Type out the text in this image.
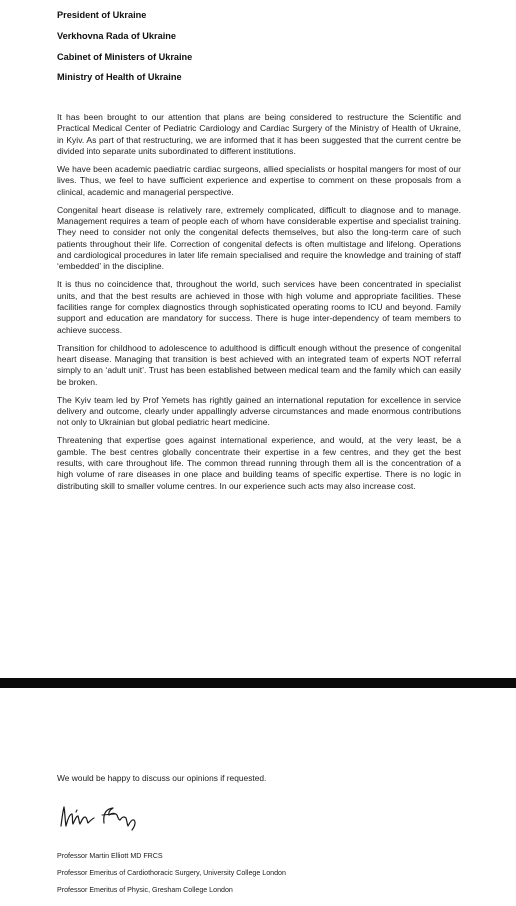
President of Ukraine
Verkhovna Rada of Ukraine
Cabinet of Ministers of Ukraine
Ministry of Health of Ukraine

It has been brought to our attention that plans are being considered to restructure the Scientific and Practical Medical Center of Pediatric Cardiology and Cardiac Surgery of the Ministry of Health of Ukraine, in Kyiv. As part of that restructuring, we are informed that it has been suggested that the current centre be divided into separate units subordinated to different institutions.

We have been academic paediatric cardiac surgeons, allied specialists or hospital mangers for most of our lives. Thus, we feel to have sufficient experience and expertise to comment on these proposals from a clinical, academic and managerial perspective.

Congenital heart disease is relatively rare, extremely complicated, difficult to diagnose and to manage. Management requires a team of people each of whom have considerable expertise and specialist training. They need to consider not only the congenital defects themselves, but also the long-term care of such patients throughout their life. Correction of congenital defects is often multistage and lifelong. Operations and cardiological procedures in later life remain specialised and require the knowledge and training of staff ‘embedded’ in the discipline.

It is thus no coincidence that, throughout the world, such services have been concentrated in specialist units, and that the best results are achieved in those with high volume and appropriate facilities. These facilities range for complex diagnostics through sophisticated operating rooms to ICU and beyond. Family support and education are mandatory for success. There is huge inter-dependency of team members to achieve success.

Transition for childhood to adolescence to adulthood is difficult enough without the presence of congenital heart disease. Managing that transition is best achieved with an integrated team of experts NOT referral simply to an ‘adult unit’. Trust has been established between medical team and the family which can easily be broken.

The Kyiv team led by Prof Yemets has rightly gained an international reputation for excellence in service delivery and outcome, clearly under appallingly adverse circumstances and made enormous contributions not only to Ukrainian but global pediatric heart medicine.

Threatening that expertise goes against international experience, and would, at the very least, be a gamble. The best centres globally concentrate their expertise in a few centres, and they get the best results, with care throughout life. The common thread running through them all is the concentration of a high volume of rare diseases in one place and building teams of specific expertise. There is no logic in distributing skill to smaller volume centres. In our experience such acts may also increase cost.

We would be happy to discuss our opinions if requested.
Professor Martin Elliott MD FRCS
Professor Emeritus of Cardiothoracic Surgery, University College London
Professor Emeritus of Physic, Gresham College London
